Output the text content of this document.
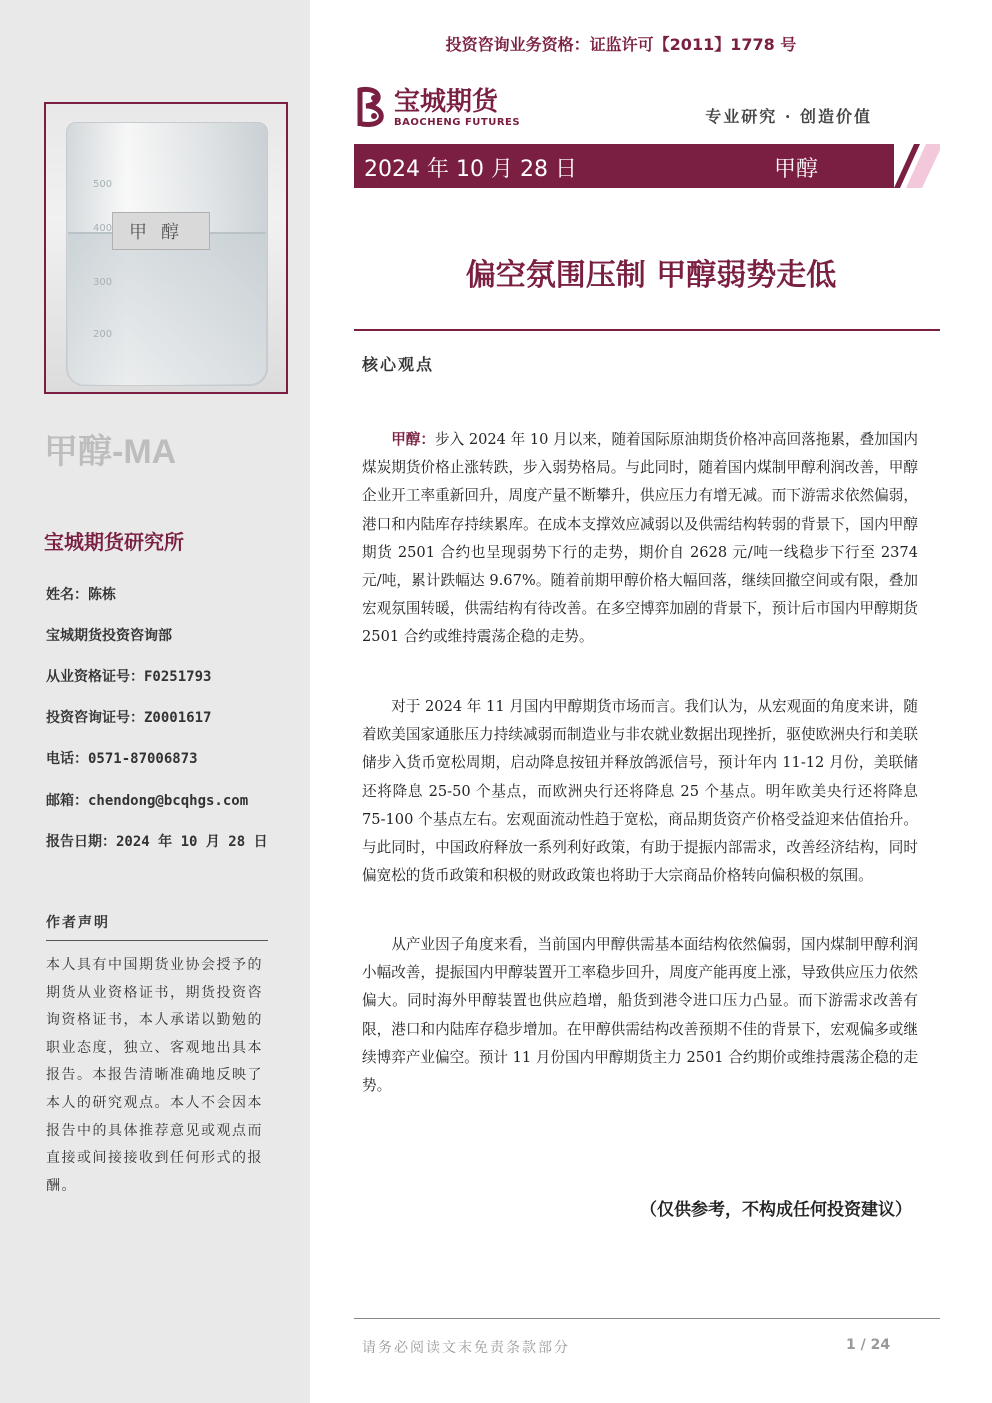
500
400
300
200
甲醇
甲醇-MA
宝城期货研究所
姓名：陈栋
宝城期货投资咨询部
从业资格证号：F0251793
投资咨询证号：Z0001617
电话：0571-87006873
邮箱：chendong@bcqhgs.com
报告日期：2024 年 10 月 28 日
作者声明
本人具有中国期货业协会授予的期货从业资格证书，期货投资咨询资格证书，本人承诺以勤勉的职业态度，独立、客观地出具本报告。本报告清晰准确地反映了本人的研究观点。本人不会因本报告中的具体推荐意见或观点而直接或间接接收到任何形式的报酬。
投资咨询业务资格：证监许可【2011】1778 号
宝城期货
BAOCHENG FUTURES	专业研究 · 创造价值
2024 年 10 月 28 日	甲醇
偏空氛围压制 甲醇弱势走低
核心观点
甲醇：步入 2024 年 10 月以来，随着国际原油期货价格冲高回落拖累，叠加国内煤炭期货价格止涨转跌，步入弱势格局。与此同时，随着国内煤制甲醇利润改善，甲醇企业开工率重新回升，周度产量不断攀升，供应压力有增无减。而下游需求依然偏弱，港口和内陆库存持续累库。在成本支撑效应减弱以及供需结构转弱的背景下，国内甲醇期货 2501 合约也呈现弱势下行的走势，期价自 2628 元/吨一线稳步下行至 2374 元/吨，累计跌幅达 9.67%。随着前期甲醇价格大幅回落，继续回撤空间或有限，叠加宏观氛围转暖，供需结构有待改善。在多空博弈加剧的背景下，预计后市国内甲醇期货 2501 合约或维持震荡企稳的走势。
对于 2024 年 11 月国内甲醇期货市场而言。我们认为，从宏观面的角度来讲，随着欧美国家通胀压力持续减弱而制造业与非农就业数据出现挫折，驱使欧洲央行和美联储步入货币宽松周期，启动降息按钮并释放鸽派信号，预计年内 11-12 月份，美联储还将降息 25-50 个基点，而欧洲央行还将降息 25 个基点。明年欧美央行还将降息 75-100 个基点左右。宏观面流动性趋于宽松，商品期货资产价格受益迎来估值抬升。与此同时，中国政府释放一系列利好政策，有助于提振内部需求，改善经济结构，同时偏宽松的货币政策和积极的财政政策也将助于大宗商品价格转向偏积极的氛围。
从产业因子角度来看，当前国内甲醇供需基本面结构依然偏弱，国内煤制甲醇利润小幅改善，提振国内甲醇装置开工率稳步回升，周度产能再度上涨，导致供应压力依然偏大。同时海外甲醇装置也供应趋增，船货到港令进口压力凸显。而下游需求改善有限，港口和内陆库存稳步增加。在甲醇供需结构改善预期不佳的背景下，宏观偏多或继续博弈产业偏空。预计 11 月份国内甲醇期货主力 2501 合约期价或维持震荡企稳的走势。
（仅供参考，不构成任何投资建议）
请务必阅读文末免责条款部分	1 / 24
